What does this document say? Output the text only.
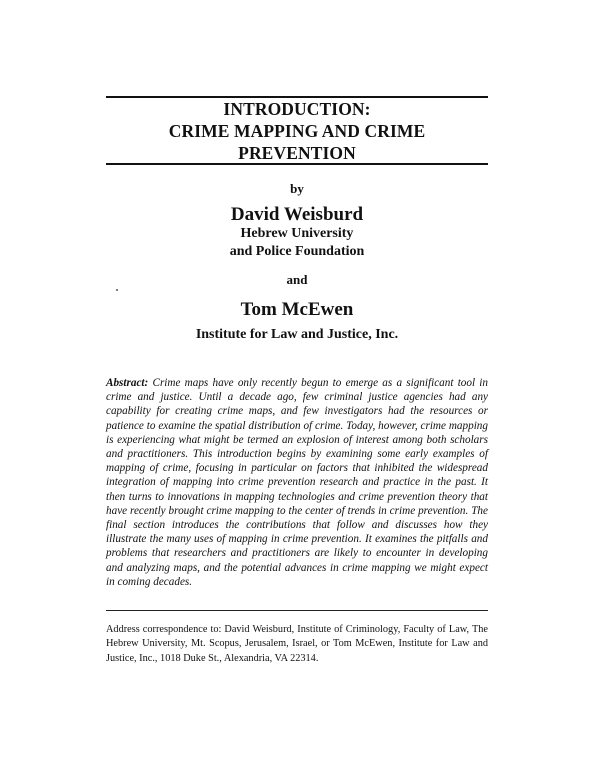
INTRODUCTION:
CRIME MAPPING AND CRIME
PREVENTION
by
David Weisburd
Hebrew University
and Police Foundation
and
Tom McEwen
Institute for Law and Justice, Inc.
Abstract: Crime maps have only recently begun to emerge as a significant tool in crime and justice. Until a decade ago, few criminal justice agencies had any capability for creating crime maps, and few investigators had the resources or patience to examine the spatial distribution of crime. Today, however, crime mapping is experiencing what might be termed an explosion of interest among both scholars and practitioners. This introduction begins by examining some early examples of mapping of crime, focusing in particular on factors that inhibited the widespread integration of mapping into crime prevention research and practice in the past. It then turns to innovations in mapping technologies and crime prevention theory that have recently brought crime mapping to the center of trends in crime prevention. The final section introduces the contributions that follow and discusses how they illustrate the many uses of mapping in crime prevention. It examines the pitfalls and problems that researchers and practitioners are likely to encounter in developing and analyzing maps, and the potential advances in crime mapping we might expect in coming decades.
Address correspondence to: David Weisburd, Institute of Criminology, Faculty of Law, The Hebrew University, Mt. Scopus, Jerusalem, Israel, or Tom McEwen, Institute for Law and Justice, Inc., 1018 Duke St., Alexandria, VA 22314.
